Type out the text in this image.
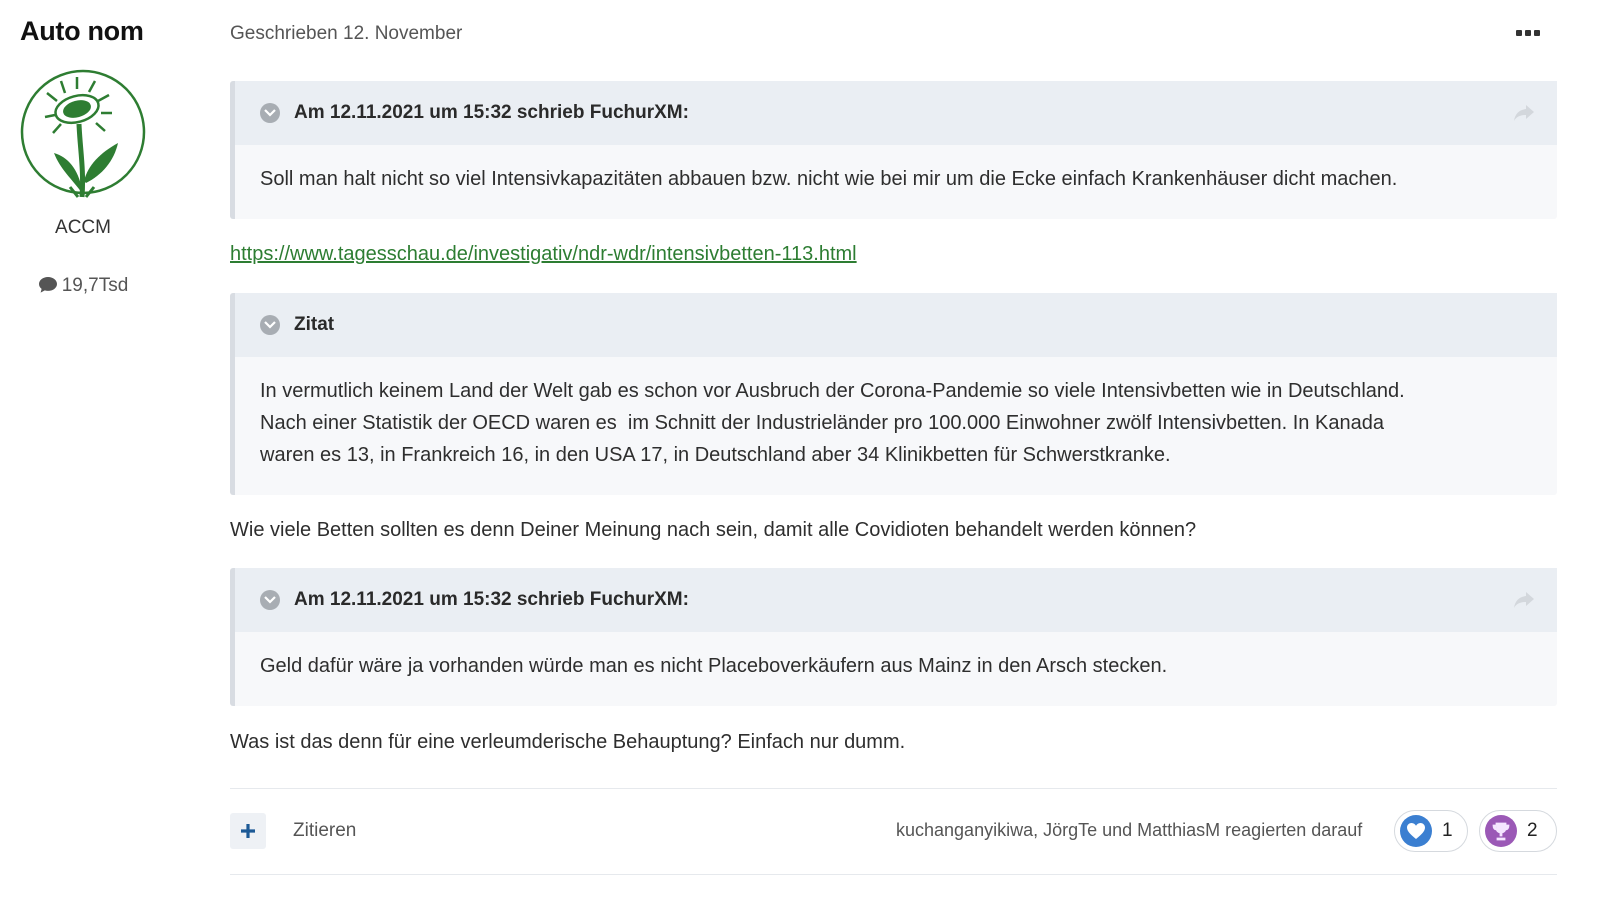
Auto nom
ACCM
19,7Tsd
Geschrieben 12. November
Am 12.11.2021 um 15:32 schrieb FuchurXM:
Soll man halt nicht so viel Intensivkapazitäten abbauen bzw. nicht wie bei mir um die Ecke einfach Krankenhäuser dicht machen.
https://www.tagesschau.de/investigativ/ndr-wdr/intensivbetten-113.html
Zitat
In vermutlich keinem Land der Welt gab es schon vor Ausbruch der Corona-Pandemie so viele Intensivbetten wie in Deutschland.
Nach einer Statistik der OECD waren es  im Schnitt der Industrieländer pro 100.000 Einwohner zwölf Intensivbetten. In Kanada
waren es 13, in Frankreich 16, in den USA 17, in Deutschland aber 34 Klinikbetten für Schwerstkranke.
Wie viele Betten sollten es denn Deiner Meinung nach sein, damit alle Covidioten behandelt werden können?
Am 12.11.2021 um 15:32 schrieb FuchurXM:
Geld dafür wäre ja vorhanden würde man es nicht Placeboverkäufern aus Mainz in den Arsch stecken.
Was ist das denn für eine verleumderische Behauptung? Einfach nur dumm.
Zitieren	kuchanganyikiwa, JörgTe und MatthiasM reagierten darauf	1	2
